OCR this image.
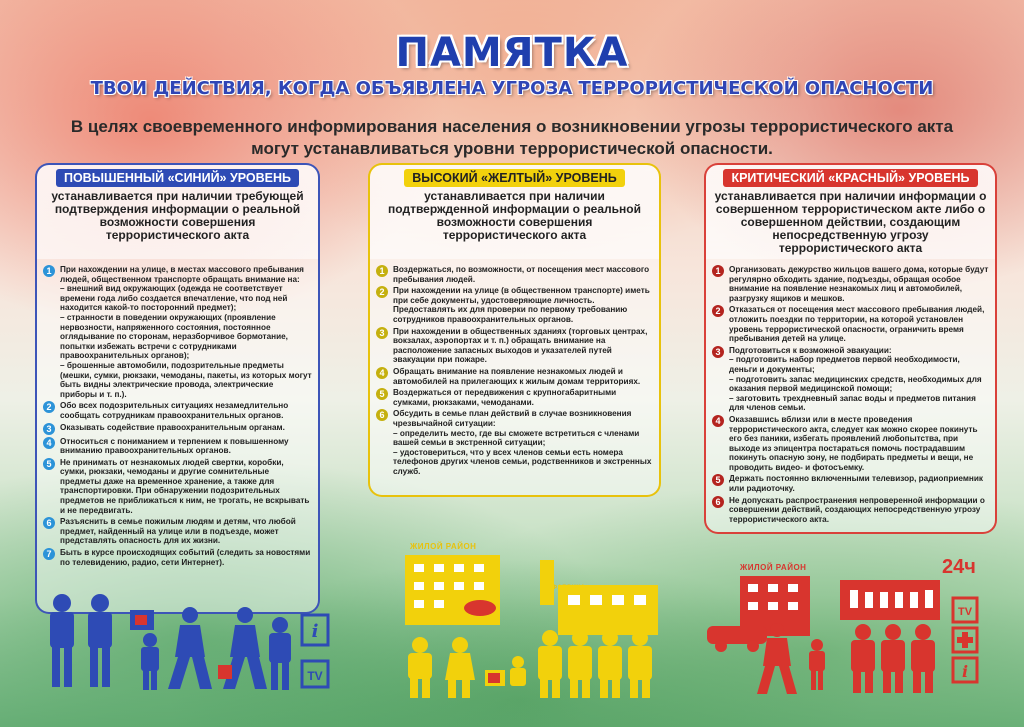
ПАМЯТКА
ТВОИ ДЕЙСТВИЯ, КОГДА ОБЪЯВЛЕНА УГРОЗА ТЕРРОРИСТИЧЕСКОЙ ОПАСНОСТИ
В целях своевременного информирования населения о возникновении угрозы террористического акта могут устанавливаться уровни террористической опасности.
ПОВЫШЕННЫЙ «СИНИЙ» УРОВЕНЬ
устанавливается при наличии требующей подтверждения информации о реальной возможности совершения террористического акта
1	При нахождении на улице, в местах массового пребывания людей, общественном транспорте обращать внимание на:
– внешний вид окружающих (одежда не соответствует времени года либо создается впечатление, что под ней находится какой-то посторонний предмет);
– странности в поведении окружающих (проявление нервозности, напряженного состояния, постоянное оглядывание по сторонам, неразборчивое бормотание, попытки избежать встречи с сотрудниками правоохранительных органов);
– брошенные автомобили, подозрительные предметы (мешки, сумки, рюкзаки, чемоданы, пакеты, из которых могут быть видны электрические провода, электрические приборы и т. п.).
2	Обо всех подозрительных ситуациях незамедлительно сообщать сотрудникам правоохранительных органов.
3	Оказывать содействие правоохранительным органам.
4	Относиться с пониманием и терпением к повышенному вниманию правоохранительных органов.
5	Не принимать от незнакомых людей свертки, коробки, сумки, рюкзаки, чемоданы и другие сомнительные предметы даже на временное хранение, а также для транспортировки. При обнаружении подозрительных предметов не приближаться к ним, не трогать, не вскрывать и не передвигать.
6	Разъяснить в семье пожилым людям и детям, что любой предмет, найденный на улице или в подъезде, может представлять опасность для их жизни.
7	Быть в курсе происходящих событий (следить за новостями по телевидению, радио, сети Интернет).
ВЫСОКИЙ «ЖЕЛТЫЙ» УРОВЕНЬ
устанавливается при наличии подтвержденной информации о реальной возможности совершения террористического акта
1	Воздержаться, по возможности, от посещения мест массового пребывания людей.
2	При нахождении на улице (в общественном транспорте) иметь при себе документы, удостоверяющие личность. Предоставлять их для проверки по первому требованию сотрудников правоохранительных органов.
3	При нахождении в общественных зданиях (торговых центрах, вокзалах, аэропортах и т. п.) обращать внимание на расположение запасных выходов и указателей путей эвакуации при пожаре.
4	Обращать внимание на появление незнакомых людей и автомобилей на прилегающих к жилым домам территориях.
5	Воздержаться от передвижения с крупногабаритными сумками, рюкзаками, чемоданами.
6	Обсудить в семье план действий в случае возникновения чрезвычайной ситуации:
– определить место, где вы сможете встретиться с членами вашей семьи в экстренной ситуации;
– удостовериться, что у всех членов семьи есть номера телефонов других членов семьи, родственников и экстренных служб.
КРИТИЧЕСКИЙ «КРАСНЫЙ» УРОВЕНЬ
устанавливается при наличии информации о совершенном террористическом акте либо о совершенном действии, создающим непосредственную угрозу террористического акта
1	Организовать дежурство жильцов вашего дома, которые будут регулярно обходить здание, подъезды, обращая особое внимание на появление незнакомых лиц и автомобилей, разгрузку ящиков и мешков.
2	Отказаться от посещения мест массового пребывания людей, отложить поездки по территории, на которой установлен уровень террористической опасности, ограничить время пребывания детей на улице.
3	Подготовиться к возможной эвакуации:
– подготовить набор предметов первой необходимости, деньги и документы;
– подготовить запас медицинских средств, необходимых для оказания первой медицинской помощи;
– заготовить трехдневный запас воды и предметов питания для членов семьи.
4	Оказавшись вблизи или в месте проведения террористического акта, следует как можно скорее покинуть его без паники, избегать проявлений любопытства, при выходе из эпицентра постараться помочь пострадавшим покинуть опасную зону, не подбирать предметы и вещи, не проводить видео- и фотосъемку.
5	Держать постоянно включенными телевизор, радиоприемник или радиоточку.
6	Не допускать распространения непроверенной информации о совершении действий, создающих непосредственную угрозу террористического акта.
i
TV
ЖИЛОЙ РАЙОН
ЖИЛОЙ РАЙОН	24ч
TV
i
